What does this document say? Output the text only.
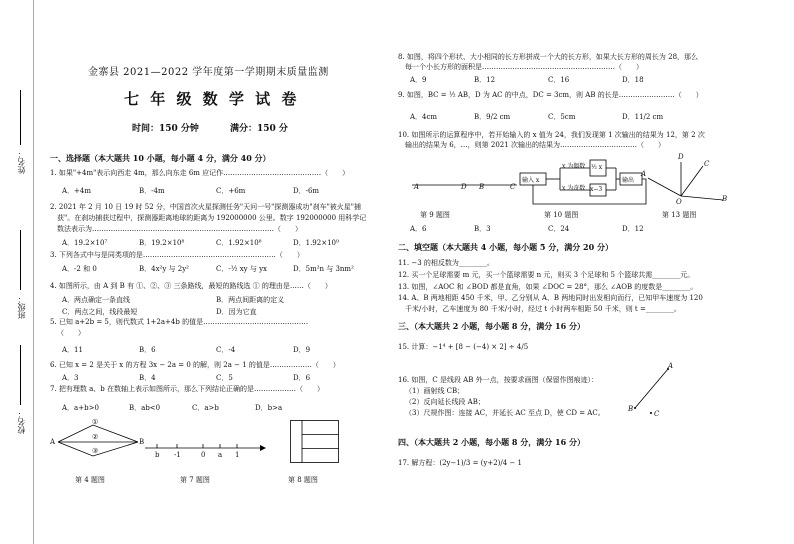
姓名：
班级：
校名：
金寨县 2021—2022 学年度第一学期期末质量监测
七 年 级 数 学 试 卷
时间：150 分钟	满分：150 分
一、选择题（本大题共 10 小题，每小题 4 分，满分 40 分）
1. 如果"+4m"表示向西走 4m，那么向东走 6m 应记作……………………………………（　　）
A．+4m	B．-4m	C．+6m	D．-6m
2. 2021 年 2 月 10 日 19 时 52 分，中国首次火星探测任务"天问一号"探测器成功"刹车"被火星"捕
获"。在刹功捕获过程中，探测器距离地球的距离为 192000000 公里。数字 192000000 用科学记
数法表示为……………………………………………………………………（　　）
A．19.2×10⁷	B．19.2×10⁸	C．1.92×10⁸	D．1.92×10⁹
3. 下列各式中与是同类项的是…………………………………………………（　　）
A．-2 和 0	B．4x²y 与 2y²	C．-½ xy 与 yx	D．5m²n 与 3nm²
4. 如图所示，由 A 到 B 有 ①、②、③ 三条路线，最短的路线选 ① 的理由是……（　　）
A．两点确定一条直线	B．两点间距离的定义
C．两点之间，线段最短	D．因为它直
5. 已知 a+2b = 5，则代数式 1+2a+4b 的值是………………………………………
（　　）
A．11	B．6	C．-4	D．9
6. 已知 x = 2 是关于 x 的方程 3x − 2a = 0 的解，则 2a − 1 的值是………………（　　）
A．3	B．4	C．5	D．6
7. 把有理数 a、b 在数轴上表示如图所示，那么下列结论正确的是………………（　　）
A．a+b>0	B．ab<0	C．a>b	D．b>a
A	B
①
②
③
第 4 题图
b -1	0 a 1
第 7 题图	第 8 题图
8. 如图，将四个形状、大小相同的长方形拼成一个大的长方形，如果大长方形的周长为 28，那么
每一个小长方形的面积是…………………………………………………（　　）
A．9	B．12	C．16	D．18
9. 如图，BC = ½ AB，D 为 AC 的中点，DC = 3cm，则 AB 的长是……………………（　　）
A．4cm	B．9/2 cm	C．5cm	D．11/2 cm
10. 如图所示的运算程序中，若开始输入的 x 值为 24，我们发现第 1 次输出的结果为 12，第 2 次
输出的结果为 6，…，则第 2021 次输出的结果为……………………………（　　）
A	D B	C
第 9 题图
输入 x
x 为偶数
x 为奇数
½ x
x−3
输出
第 10 题图
A
B
C
D
O
第 13 题图
A．6	B．3	C．24	D．12
二、填空题（本大题共 4 小题，每小题 5 分，满分 20 分）
11. −3 的相反数为________。
12. 买一个足球需要 m 元，买一个篮球需要 n 元，则买 3 个足球和 5 个篮球共需________元。
13. 如图，∠AOC 和 ∠BOD 都是直角，如果 ∠DOC = 28°，那么 ∠AOB 的度数是________。
14. A、B 两地相距 450 千米，甲、乙分别从 A、B 两地同时出发相向而行，已知甲车速度为 120
千米/小时，乙车速度为 80 千米/小时，经过 t 小时两车相距 50 千米，则 t =________。
三、（本大题共 2 小题，每小题 8 分，满分 16 分）
15. 计算：−1⁴ + [8 − (−4) × 2] ÷ 4/5
16. 如图，C 是线段 AB 外一点，按要求画图（保留作图痕迹）：
（1）画射线 CB；
（2）反向延长线段 AB；
（3）尺规作图：连接 AC，并延长 AC 至点 D，使 CD = AC。
A
B
C
四、（本大题共 2 小题，每小题 8 分，满分 16 分）
17. 解方程：(2y−1)/3 = (y+2)/4 − 1
